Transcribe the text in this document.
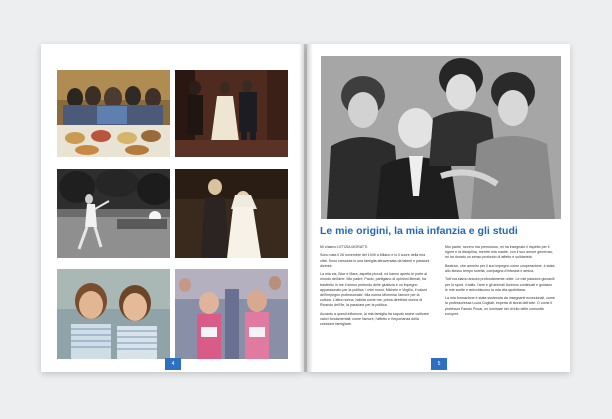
4
Le mie origini, la mia infanzia e gli studi

Mi chiamo LETIZIA MORATTI.

Sono nata il 26 novembre del 1949 a Milano e lo il cuore della mia città. Sono cresciuta in una famiglia attraversata da talenti e passioni diverse.

La mia zia, Bice e Mara, aspetta piccoli, mi hanno aperto le porte al mondo dell'arte. Mio padre, Paolo, partigiano di opinioni liberali, ha trasferito in me il senso profondo delle giustizia e un impegno appassionato per la politica, i miei nonni, Michele e Virgilio, il valore dell'impegno professionale. Mia nonna Mimmina l'amore per la cultura. L'altra nonna, balsita come me, prima direttrice donna di Rivarolo dell'Ile, la passione per la politica.

Accanto a questi influenze, la mia famiglia ha saputo anche coltivare valori fondamentali: come l'amore, l'affetto e l'importanza della coesione famigliare.

Mio padre, severo ma premuroso, mi ha insegnato il rispetto per il rigore e la disciplina, mentre mia madre, con il suo amore generoso, mi ha donato un senso profondo di affetto e solidarietà.

Beatrice, che ammiro per il suo impegno come cooperazione, è stata allo stesso tempo sorella, compagna d'infanzia e amica.

Tutt'ora siamo ancora profondamente unite. Le mie passioni giovanili per lo sport, il ballo, l'arte e gli animali fiorirono continuati e guidano le mie scelte e arricchiscono la mia vita quotidiana.

La mia formazione è stata sostenuta da insegnanti eccezionali, come la professoressa Lucia Cogliati, esperta di storia dell'arte. O come il professor Fausto Pocar, un luminare nel di trito delle comunità europee.

5
